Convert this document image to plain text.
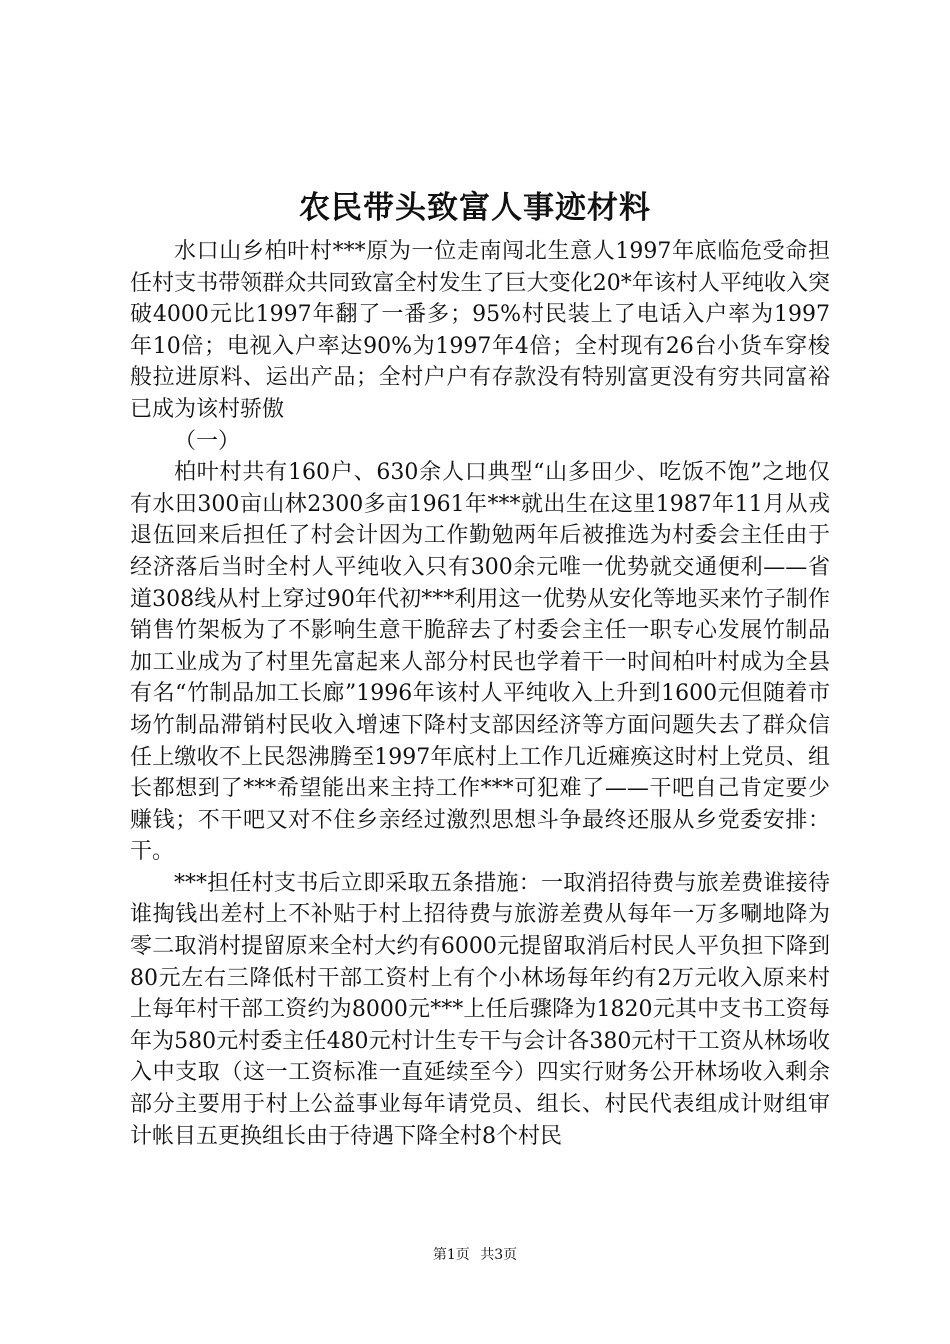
农民带头致富人事迹材料

水口山乡柏叶村***原为一位走南闯北生意人1997年底临危受命担任村支书带领群众共同致富全村发生了巨大变化20*年该村人平纯收入突破4000元比1997年翻了一番多；95%村民装上了电话入户率为1997年10倍；电视入户率达90%为1997年4倍；全村现有26台小货车穿梭般拉进原料、运出产品；全村户户有存款没有特别富更没有穷共同富裕已成为该村骄傲

（一）

柏叶村共有160户、630余人口典型“山多田少、吃饭不饱”之地仅有水田300亩山林2300多亩1961年***就出生在这里1987年11月从戎退伍回来后担任了村会计因为工作勤勉两年后被推选为村委会主任由于经济落后当时全村人平纯收入只有300余元唯一优势就交通便利——省道308线从村上穿过90年代初***利用这一优势从安化等地买来竹子制作销售竹架板为了不影响生意干脆辞去了村委会主任一职专心发展竹制品加工业成为了村里先富起来人部分村民也学着干一时间柏叶村成为全县有名“竹制品加工长廊”1996年该村人平纯收入上升到1600元但随着市场竹制品滞销村民收入增速下降村支部因经济等方面问题失去了群众信任上缴收不上民怨沸腾至1997年底村上工作几近瘫痪这时村上党员、组长都想到了***希望能出来主持工作***可犯难了——干吧自己肯定要少赚钱；不干吧又对不住乡亲经过激烈思想斗争最终还服从乡党委安排：干。

***担任村支书后立即采取五条措施：一取消招待费与旅差费谁接待谁掏钱出差村上不补贴于村上招待费与旅游差费从每年一万多唰地降为零二取消村提留原来全村大约有6000元提留取消后村民人平负担下降到80元左右三降低村干部工资村上有个小林场每年约有2万元收入原来村上每年村干部工资约为8000元***上任后骤降为1820元其中支书工资每年为580元村委主任480元村计生专干与会计各380元村干工资从林场收入中支取（这一工资标准一直延续至今）四实行财务公开林场收入剩余部分主要用于村上公益事业每年请党员、组长、村民代表组成计财组审计帐目五更换组长由于待遇下降全村8个村民

第1页 共3页
